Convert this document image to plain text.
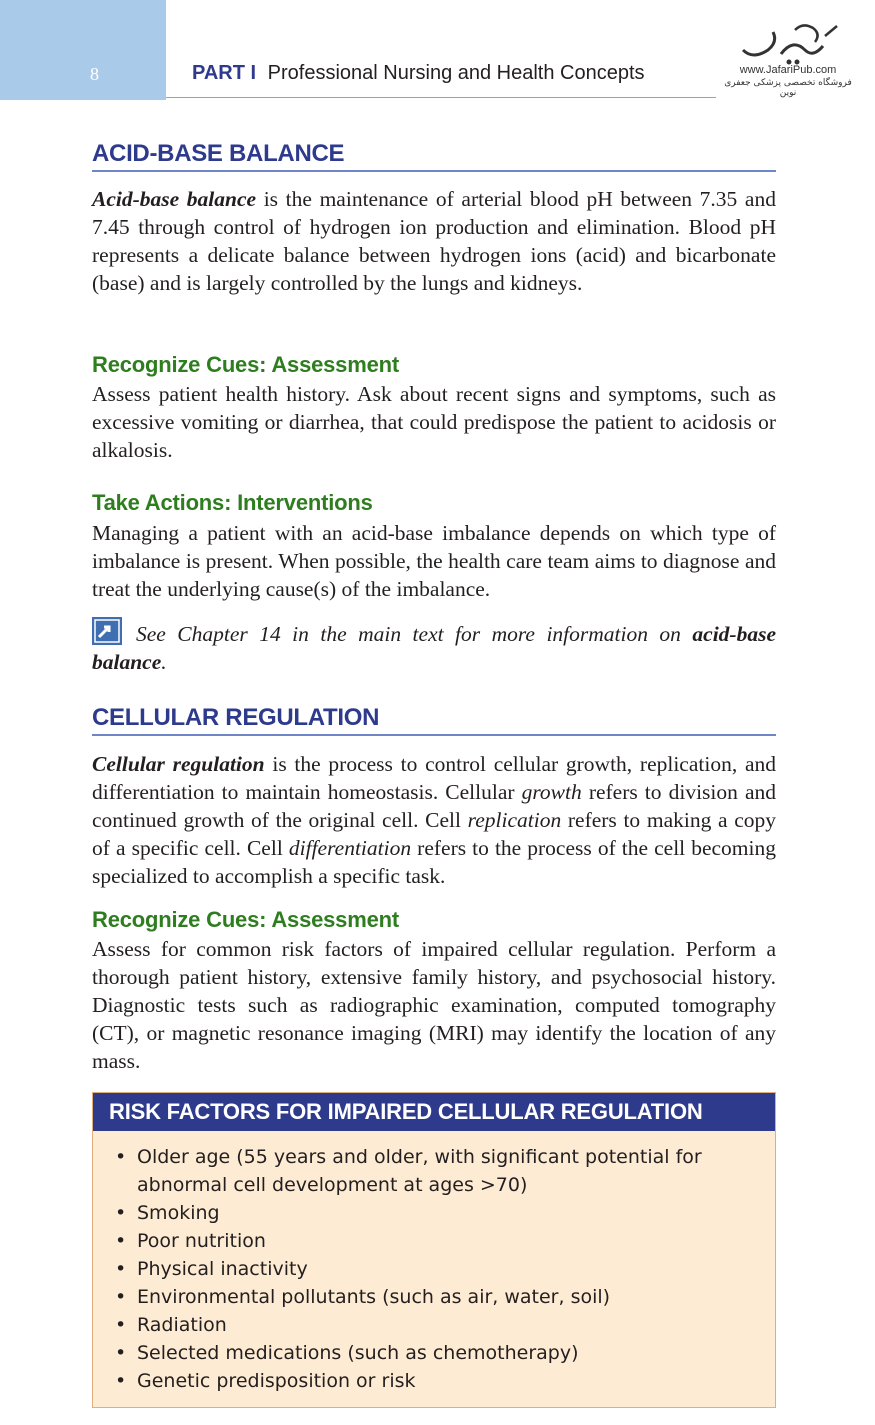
8	PART I Professional Nursing and Health Concepts	www.JafariPub.com
فروشگاه تخصصی پزشکی جعفری نوین
ACID-BASE BALANCE
Acid-base balance is the maintenance of arterial blood pH between 7.35 and 7.45 through control of hydrogen ion production and elimination. Blood pH represents a delicate balance between hydrogen ions (acid) and bicarbonate (base) and is largely controlled by the lungs and kidneys.
Recognize Cues: Assessment
Assess patient health history. Ask about recent signs and symptoms, such as excessive vomiting or diarrhea, that could predispose the patient to acidosis or alkalosis.
Take Actions: Interventions
Managing a patient with an acid-base imbalance depends on which type of imbalance is present. When possible, the health care team aims to diagnose and treat the underlying cause(s) of the imbalance.
See Chapter 14 in the main text for more information on acid-base balance.
CELLULAR REGULATION
Cellular regulation is the process to control cellular growth, replication, and differentiation to maintain homeostasis. Cellular growth refers to division and continued growth of the original cell. Cell replication refers to making a copy of a specific cell. Cell differentiation refers to the process of the cell becoming specialized to accomplish a specific task.
Recognize Cues: Assessment
Assess for common risk factors of impaired cellular regulation. Perform a thorough patient history, extensive family history, and psychosocial history. Diagnostic tests such as radiographic examination, computed tomography (CT), or magnetic resonance imaging (MRI) may identify the location of any mass.
RISK FACTORS FOR IMPAIRED CELLULAR REGULATION
• Older age (55 years and older, with significant potential for abnormal cell development at ages >70)
• Smoking
• Poor nutrition
• Physical inactivity
• Environmental pollutants (such as air, water, soil)
• Radiation
• Selected medications (such as chemotherapy)
• Genetic predisposition or risk
